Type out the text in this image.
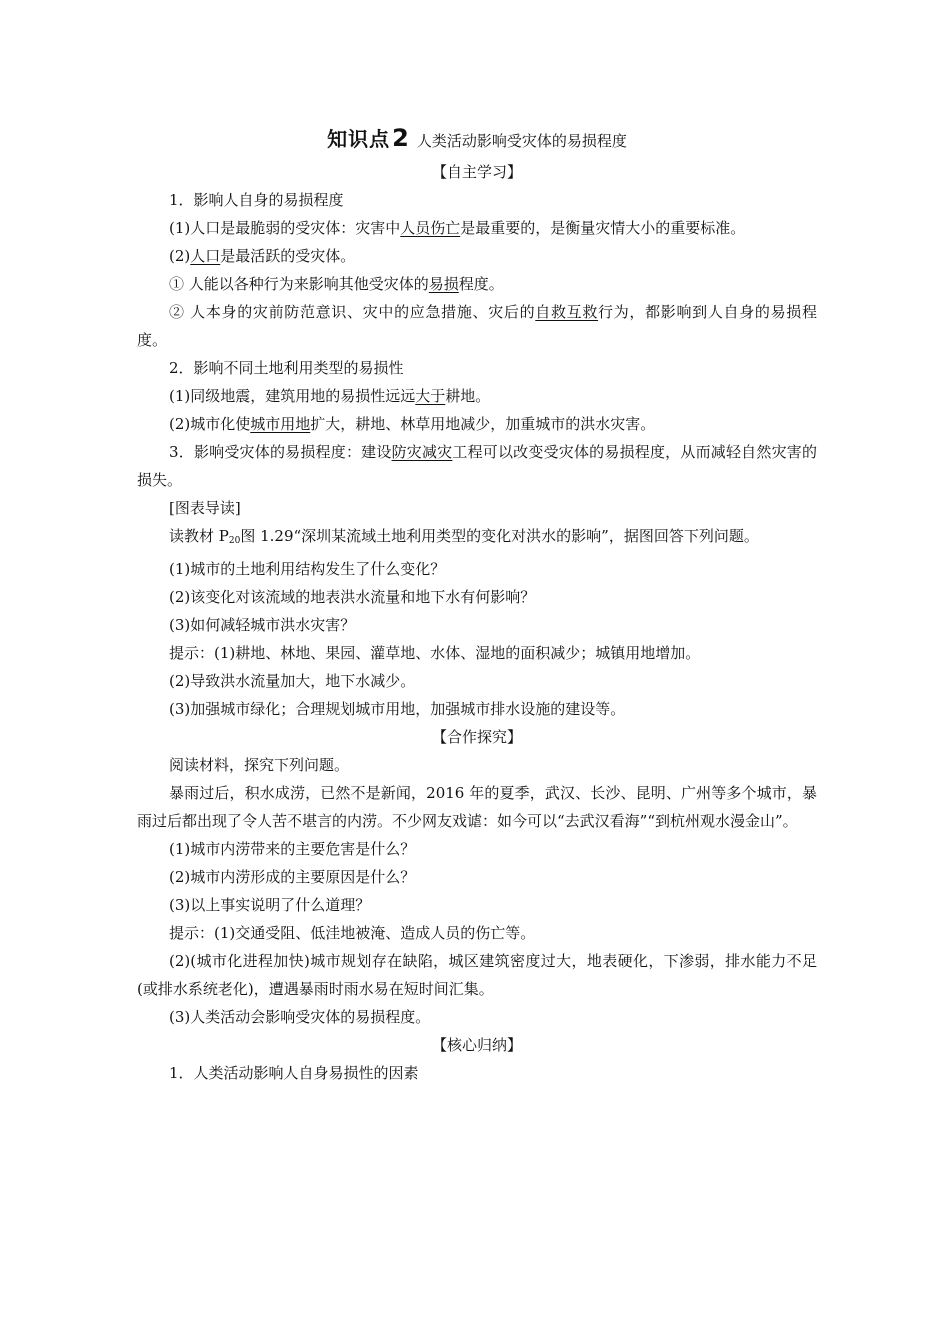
知识点2 人类活动影响受灾体的易损程度
【自主学习】
1．影响人自身的易损程度
(1)人口是最脆弱的受灾体：灾害中人员伤亡是最重要的，是衡量灾情大小的重要标准。
(2)人口是最活跃的受灾体。
① 人能以各种行为来影响其他受灾体的易损程度。
② 人本身的灾前防范意识、灾中的应急措施、灾后的自救互救行为，都影响到人自身的易损程度。
2．影响不同土地利用类型的易损性
(1)同级地震，建筑用地的易损性远远大于耕地。
(2)城市化使城市用地扩大，耕地、林草用地减少，加重城市的洪水灾害。
3．影响受灾体的易损程度：建设防灾减灾工程可以改变受灾体的易损程度，从而减轻自然灾害的损失。
[图表导读]
读教材 $P_{20}$图 1.29“深圳某流域土地利用类型的变化对洪水的影响”，据图回答下列问题。
(1)城市的土地利用结构发生了什么变化？
(2)该变化对该流域的地表洪水流量和地下水有何影响？
(3)如何减轻城市洪水灾害？
提示：(1)耕地、林地、果园、灌草地、水体、湿地的面积减少；城镇用地增加。
(2)导致洪水流量加大，地下水减少。
(3)加强城市绿化；合理规划城市用地，加强城市排水设施的建设等。
【合作探究】
阅读材料，探究下列问题。
暴雨过后，积水成涝，已然不是新闻，2016 年的夏季，武汉、长沙、昆明、广州等多个城市，暴雨过后都出现了令人苦不堪言的内涝。不少网友戏谑：如今可以“去武汉看海”“到杭州观水漫金山”。
(1)城市内涝带来的主要危害是什么？
(2)城市内涝形成的主要原因是什么？
(3)以上事实说明了什么道理？
提示：(1)交通受阻、低洼地被淹、造成人员的伤亡等。
(2)(城市化进程加快)城市规划存在缺陷，城区建筑密度过大，地表硬化，下渗弱，排水能力不足(或排水系统老化)，遭遇暴雨时雨水易在短时间汇集。
(3)人类活动会影响受灾体的易损程度。
【核心归纳】
1．人类活动影响人自身易损性的因素
